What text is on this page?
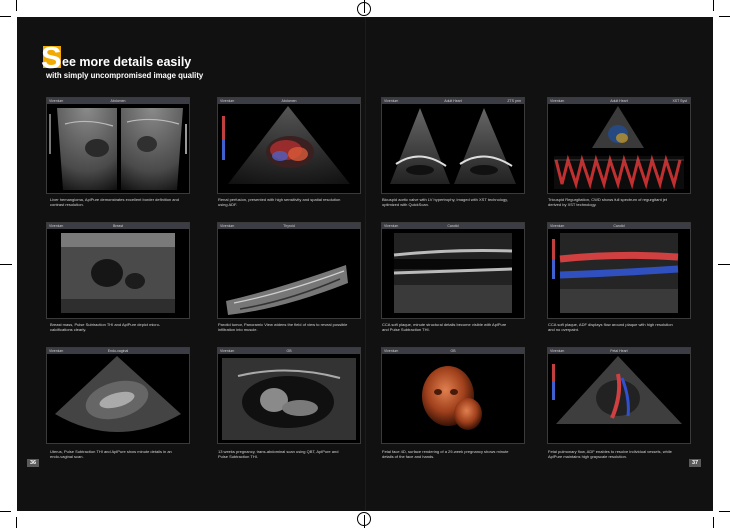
S ee more details easily
with simply uncompromised image quality
Vivenium	Abdomen
Liver hemangioma, AplPure demonstrates excellent border definition and contrast resolution.
Vivenium	Abdomen
Renal perfusion, presented with high sensitivity and spatial resolution using ADF.
Vivenium	Adult Heart	ZTS prm
Bicuspid aortic valve with LV hypertrophy, imaged with XST technology, optimized with QuickScan.
Vivenium	Adult Heart	XST Syst
Tricuspid Regurgitation, CWD shows full spectrum of regurgitant jet derived by XST technology.
Vivenium	Breast
Breast mass, Pulse Subtraction THI and AplPure depict micro-calcifications clearly.
Vivenium	Thyroid
Parotid tumor, Panoramic View widens the field of view to reveal possible infiltration into muscle.
Vivenium	Carotid
CCA soft plaque, minute structural details become visible with AplPure and Pulse Subtraction THI.
Vivenium	Carotid
CCA soft plaque, ADF displays flow around plaque with high resolution and no overpaint.
Vivenium	Endo-vaginal
Uterus, Pulse Subtraction THI and AplPure show minute details in an endo-vaginal scan.
Vivenium	OB
13 weeks pregnancy, trans-abdominal scan using QBT, AplPure and Pulse Subtraction THI.
Vivenium	OB
Fetal face 4D, surface rendering of a 29-week pregnancy shows minute details of the face and hands.
Vivenium	Fetal Heart
Fetal pulmonary flow, ADF enables to resolve individual vessels, while AplPure maintains high grayscale resolution.
36	37
